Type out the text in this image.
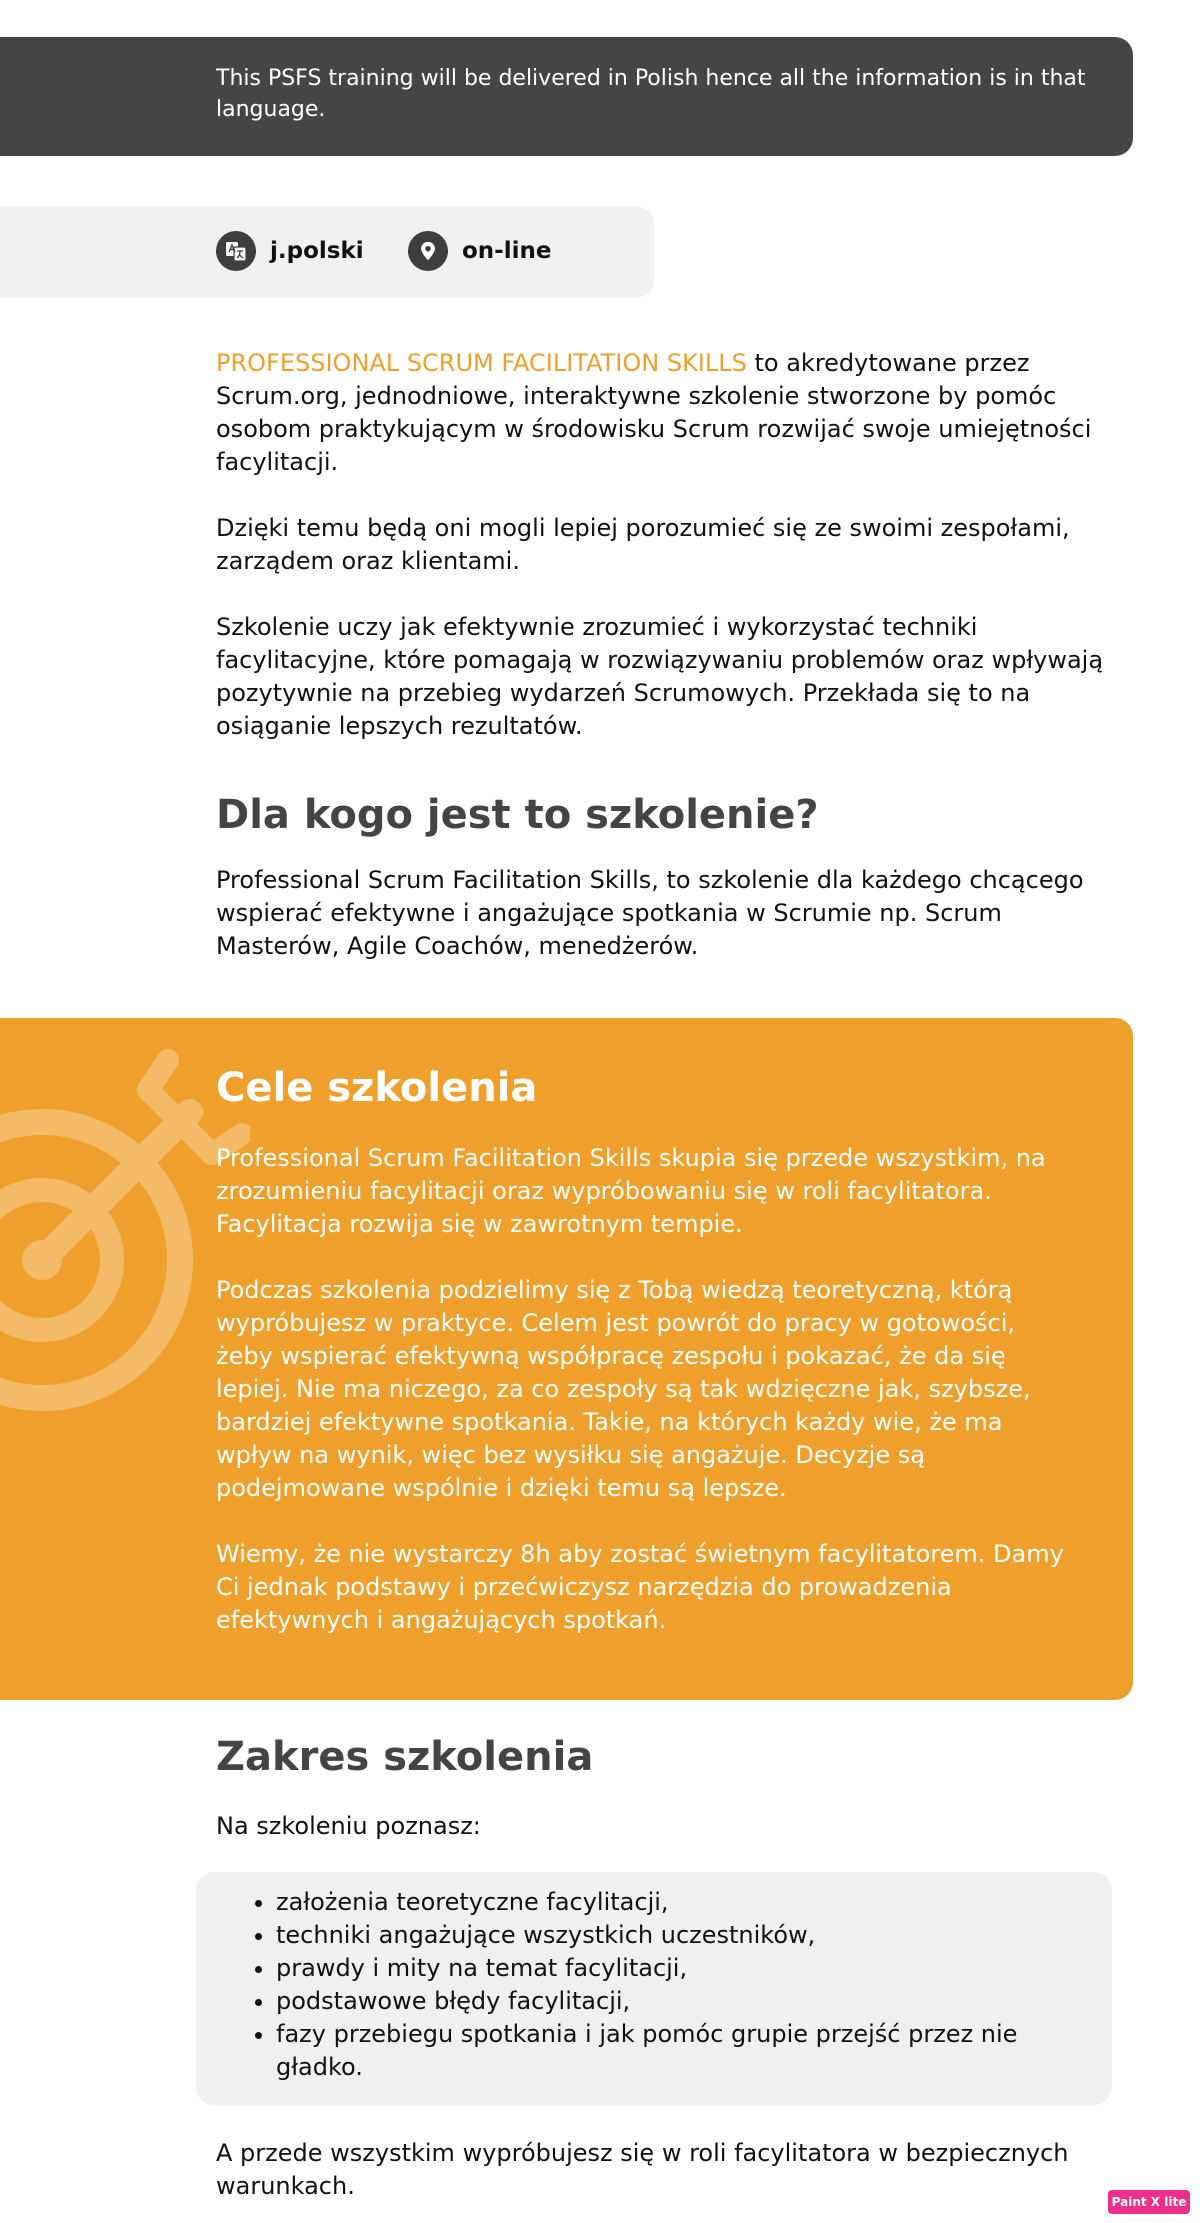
This PSFS training will be delivered in Polish hence all the information is in that language.
j.polski	on-line

PROFESSIONAL SCRUM FACILITATION SKILLS to akredytowane przez Scrum.org, jednodniowe, interaktywne szkolenie stworzone by pomóc osobom praktykującym w środowisku Scrum rozwijać swoje umiejętności facylitacji.

Dzięki temu będą oni mogli lepiej porozumieć się ze swoimi zespołami, zarządem oraz klientami.

Szkolenie uczy jak efektywnie zrozumieć i wykorzystać techniki facylitacyjne, które pomagają w rozwiązywaniu problemów oraz wpływają pozytywnie na przebieg wydarzeń Scrumowych. Przekłada się to na osiąganie lepszych rezultatów.

Dla kogo jest to szkolenie?

Professional Scrum Facilitation Skills, to szkolenie dla każdego chcącego wspierać efektywne i angażujące spotkania w Scrumie np. Scrum Masterów, Agile Coachów, menedżerów.

Cele szkolenia

Professional Scrum Facilitation Skills skupia się przede wszystkim, na zrozumieniu facylitacji oraz wypróbowaniu się w roli facylitatora. Facylitacja rozwija się w zawrotnym tempie.

Podczas szkolenia podzielimy się z Tobą wiedzą teoretyczną, którą wypróbujesz w praktyce. Celem jest powrót do pracy w gotowości, żeby wspierać efektywną współpracę zespołu i pokazać, że da się lepiej. Nie ma niczego, za co zespoły są tak wdzięczne jak, szybsze, bardziej efektywne spotkania. Takie, na których każdy wie, że ma wpływ na wynik, więc bez wysiłku się angażuje. Decyzje są podejmowane wspólnie i dzięki temu są lepsze.

Wiemy, że nie wystarczy 8h aby zostać świetnym facylitatorem. Damy Ci jednak podstawy i przećwiczysz narzędzia do prowadzenia efektywnych i angażujących spotkań.

Zakres szkolenia

Na szkoleniu poznasz:

• założenia teoretyczne facylitacji,
• techniki angażujące wszystkich uczestników,
• prawdy i mity na temat facylitacji,
• podstawowe błędy facylitacji,
• fazy przebiegu spotkania i jak pomóc grupie przejść przez nie gładko.

A przede wszystkim wypróbujesz się w roli facylitatora w bezpiecznych warunkach.

Paint X lite
